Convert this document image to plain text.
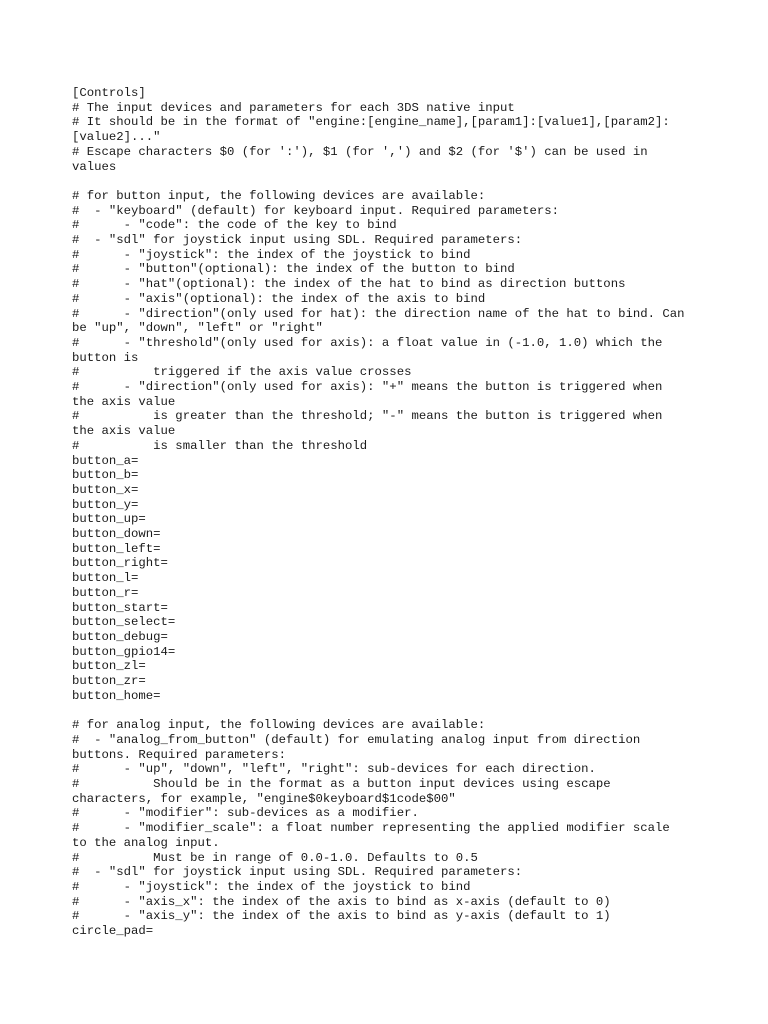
[Controls]
# The input devices and parameters for each 3DS native input
# It should be in the format of "engine:[engine_name],[param1]:[value1],[param2]:
[value2]..."
# Escape characters $0 (for ':'), $1 (for ',') and $2 (for '$') can be used in
values
# for button input, the following devices are available:
#  - "keyboard" (default) for keyboard input. Required parameters:
#      - "code": the code of the key to bind
#  - "sdl" for joystick input using SDL. Required parameters:
#      - "joystick": the index of the joystick to bind
#      - "button"(optional): the index of the button to bind
#      - "hat"(optional): the index of the hat to bind as direction buttons
#      - "axis"(optional): the index of the axis to bind
#      - "direction"(only used for hat): the direction name of the hat to bind. Can
be "up", "down", "left" or "right"
#      - "threshold"(only used for axis): a float value in (-1.0, 1.0) which the
button is
#          triggered if the axis value crosses
#      - "direction"(only used for axis): "+" means the button is triggered when
the axis value
#          is greater than the threshold; "-" means the button is triggered when
the axis value
#          is smaller than the threshold
button_a=
button_b=
button_x=
button_y=
button_up=
button_down=
button_left=
button_right=
button_l=
button_r=
button_start=
button_select=
button_debug=
button_gpio14=
button_zl=
button_zr=
button_home=
# for analog input, the following devices are available:
#  - "analog_from_button" (default) for emulating analog input from direction
buttons. Required parameters:
#      - "up", "down", "left", "right": sub-devices for each direction.
#          Should be in the format as a button input devices using escape
characters, for example, "engine$0keyboard$1code$00"
#      - "modifier": sub-devices as a modifier.
#      - "modifier_scale": a float number representing the applied modifier scale
to the analog input.
#          Must be in range of 0.0-1.0. Defaults to 0.5
#  - "sdl" for joystick input using SDL. Required parameters:
#      - "joystick": the index of the joystick to bind
#      - "axis_x": the index of the axis to bind as x-axis (default to 0)
#      - "axis_y": the index of the axis to bind as y-axis (default to 1)
circle_pad=
